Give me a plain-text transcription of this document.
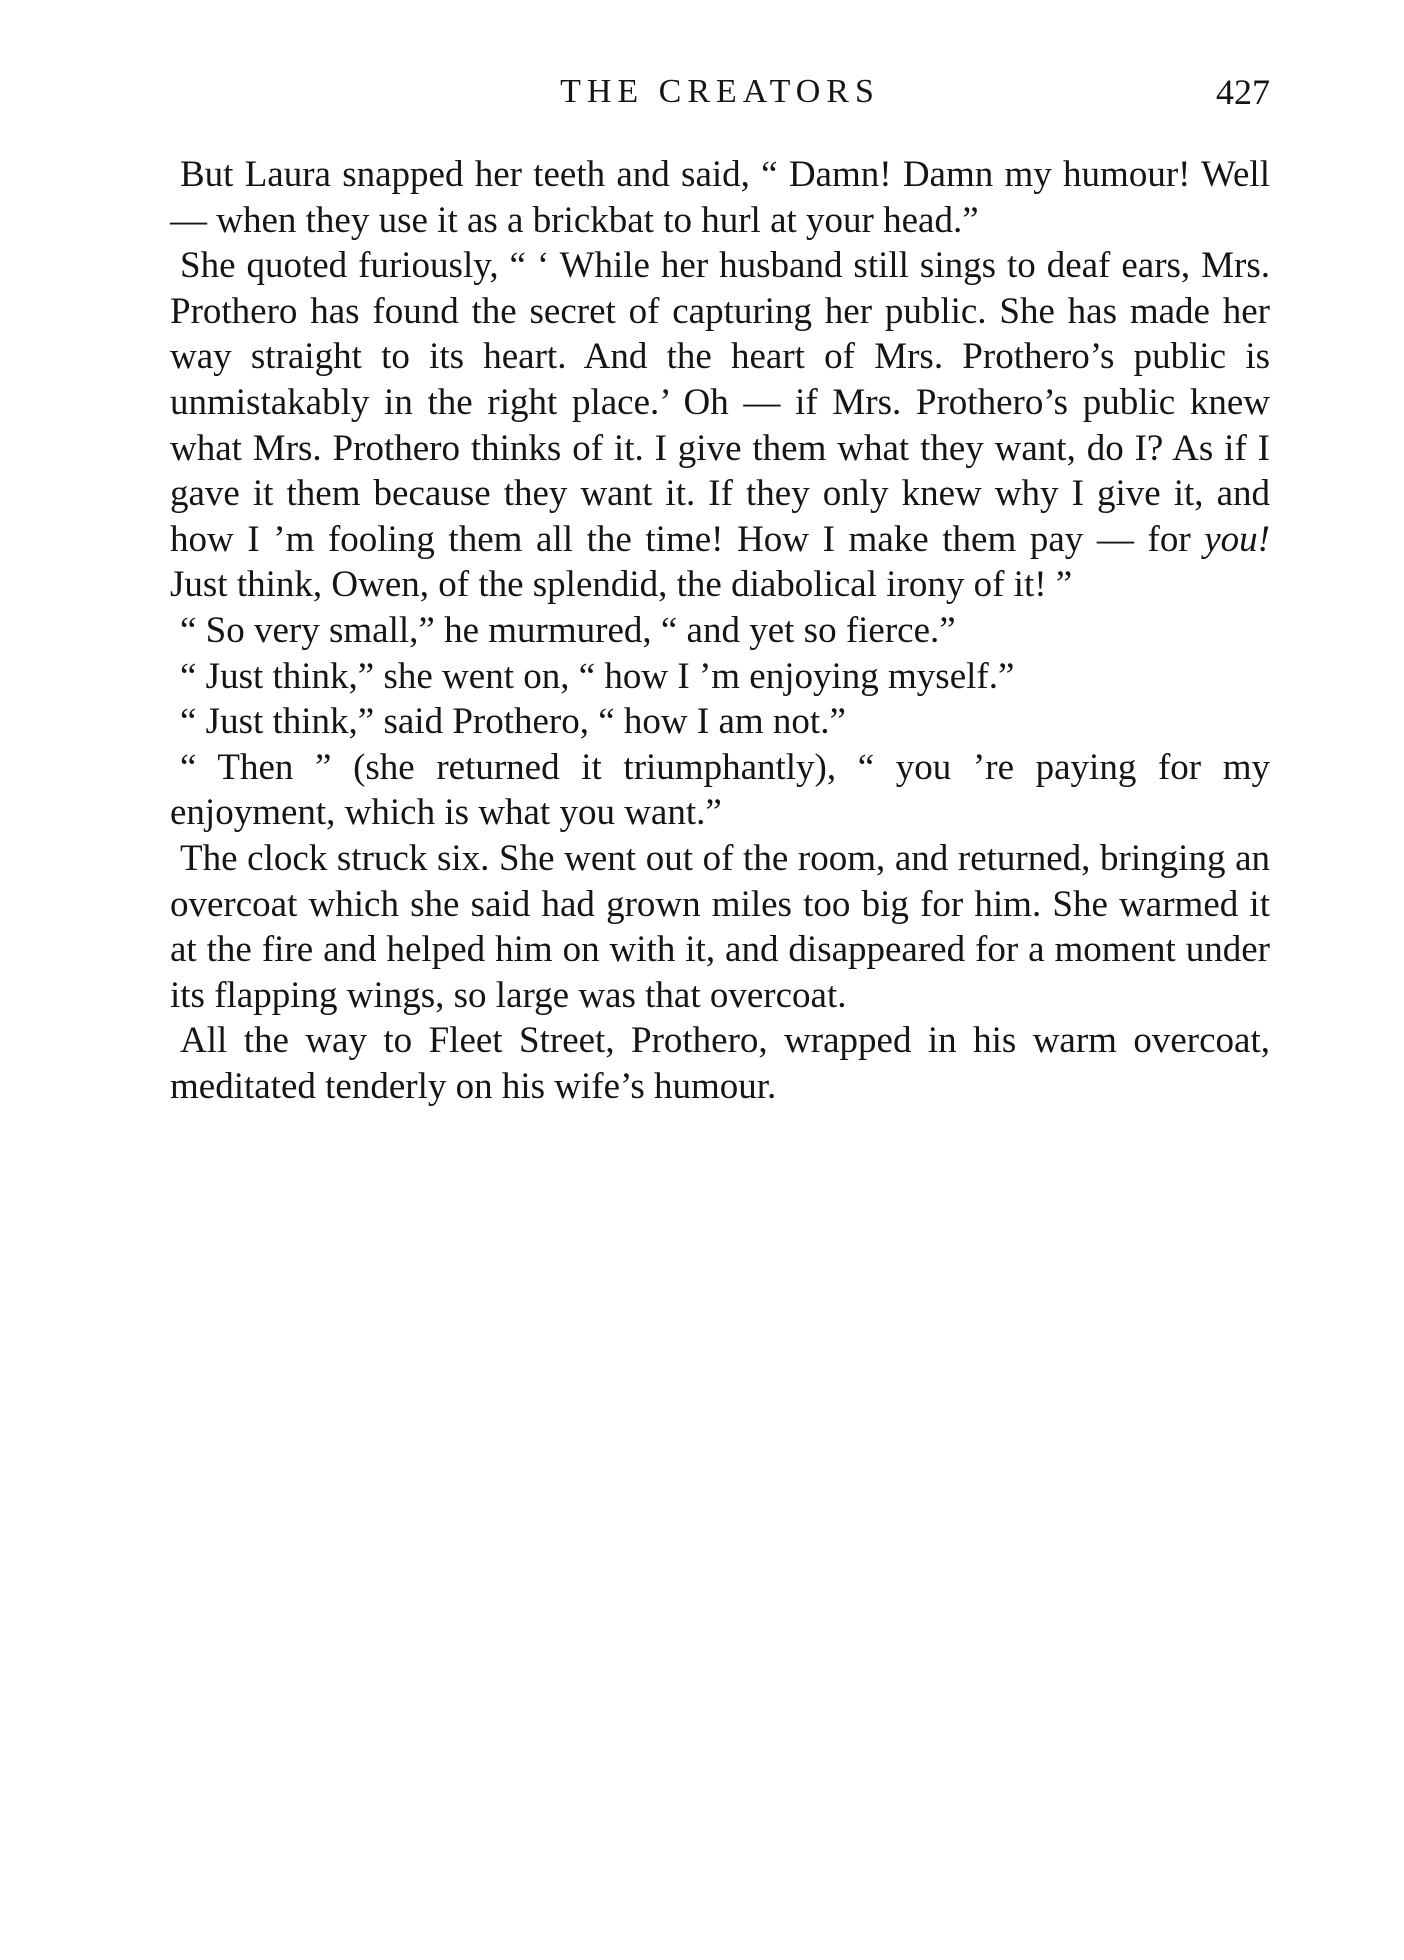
THE CREATORS	427

But Laura snapped her teeth and said, “ Damn! Damn my humour! Well — when they use it as a brickbat to hurl at your head.”

She quoted furiously, “ ‘ While her husband still sings to deaf ears, Mrs. Prothero has found the secret of capturing her public. She has made her way straight to its heart. And the heart of Mrs. Prothero’s public is unmistakably in the right place.’ Oh — if Mrs. Prothero’s public knew what Mrs. Prothero thinks of it. I give them what they want, do I? As if I gave it them because they want it. If they only knew why I give it, and how I ’m fooling them all the time! How I make them pay — for you! Just think, Owen, of the splendid, the diabolical irony of it! ”

“ So very small,” he murmured, “ and yet so fierce.”

“ Just think,” she went on, “ how I ’m enjoying myself.”

“ Just think,” said Prothero, “ how I am not.”

“ Then ” (she returned it triumphantly), “ you ’re paying for my enjoyment, which is what you want.”

The clock struck six. She went out of the room, and returned, bringing an overcoat which she said had grown miles too big for him. She warmed it at the fire and helped him on with it, and disappeared for a moment under its flapping wings, so large was that overcoat.

All the way to Fleet Street, Prothero, wrapped in his warm overcoat, meditated tenderly on his wife’s humour.
